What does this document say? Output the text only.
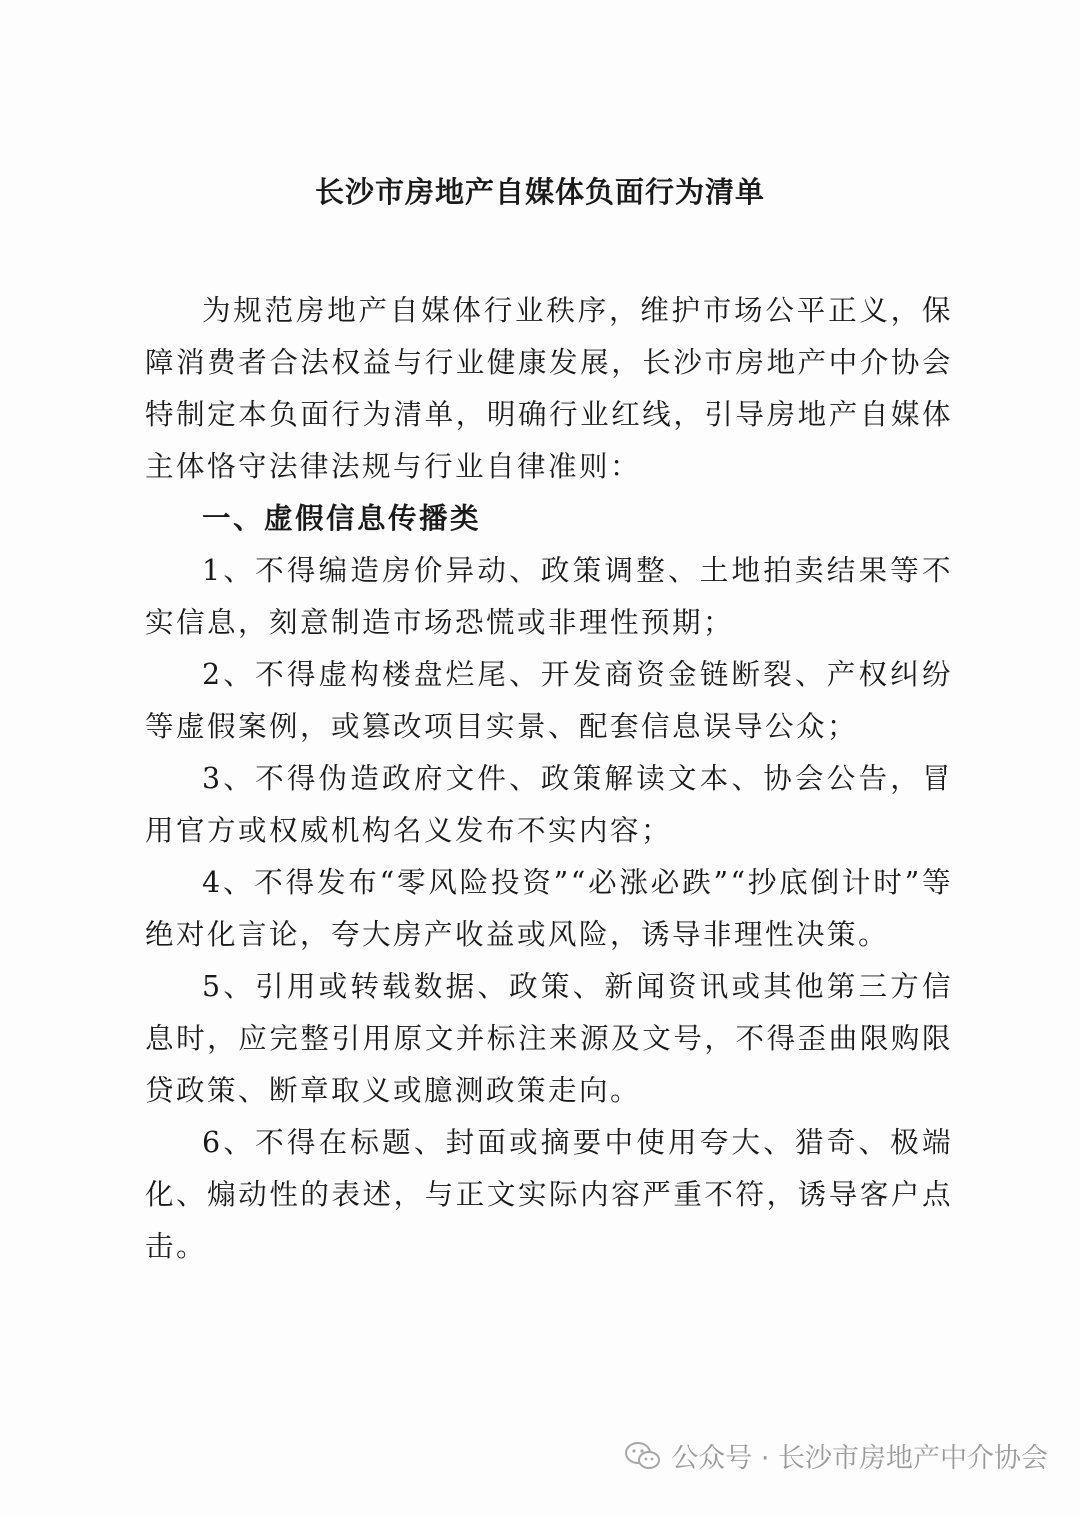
长沙市房地产自媒体负面行为清单

为规范房地产自媒体行业秩序，维护市场公平正义，保障消费者合法权益与行业健康发展，长沙市房地产中介协会特制定本负面行为清单，明确行业红线，引导房地产自媒体主体恪守法律法规与行业自律准则：

一、虚假信息传播类

1、不得编造房价异动、政策调整、土地拍卖结果等不实信息，刻意制造市场恐慌或非理性预期；

2、不得虚构楼盘烂尾、开发商资金链断裂、产权纠纷等虚假案例，或篡改项目实景、配套信息误导公众；

3、不得伪造政府文件、政策解读文本、协会公告，冒用官方或权威机构名义发布不实内容；

4、不得发布“零风险投资”“必涨必跌”“抄底倒计时”等绝对化言论，夸大房产收益或风险，诱导非理性决策。

5、引用或转载数据、政策、新闻资讯或其他第三方信息时，应完整引用原文并标注来源及文号，不得歪曲限购限贷政策、断章取义或臆测政策走向。

6、不得在标题、封面或摘要中使用夸大、猎奇、极端化、煽动性的表述，与正文实际内容严重不符，诱导客户点击。

公众号 · 长沙市房地产中介协会
